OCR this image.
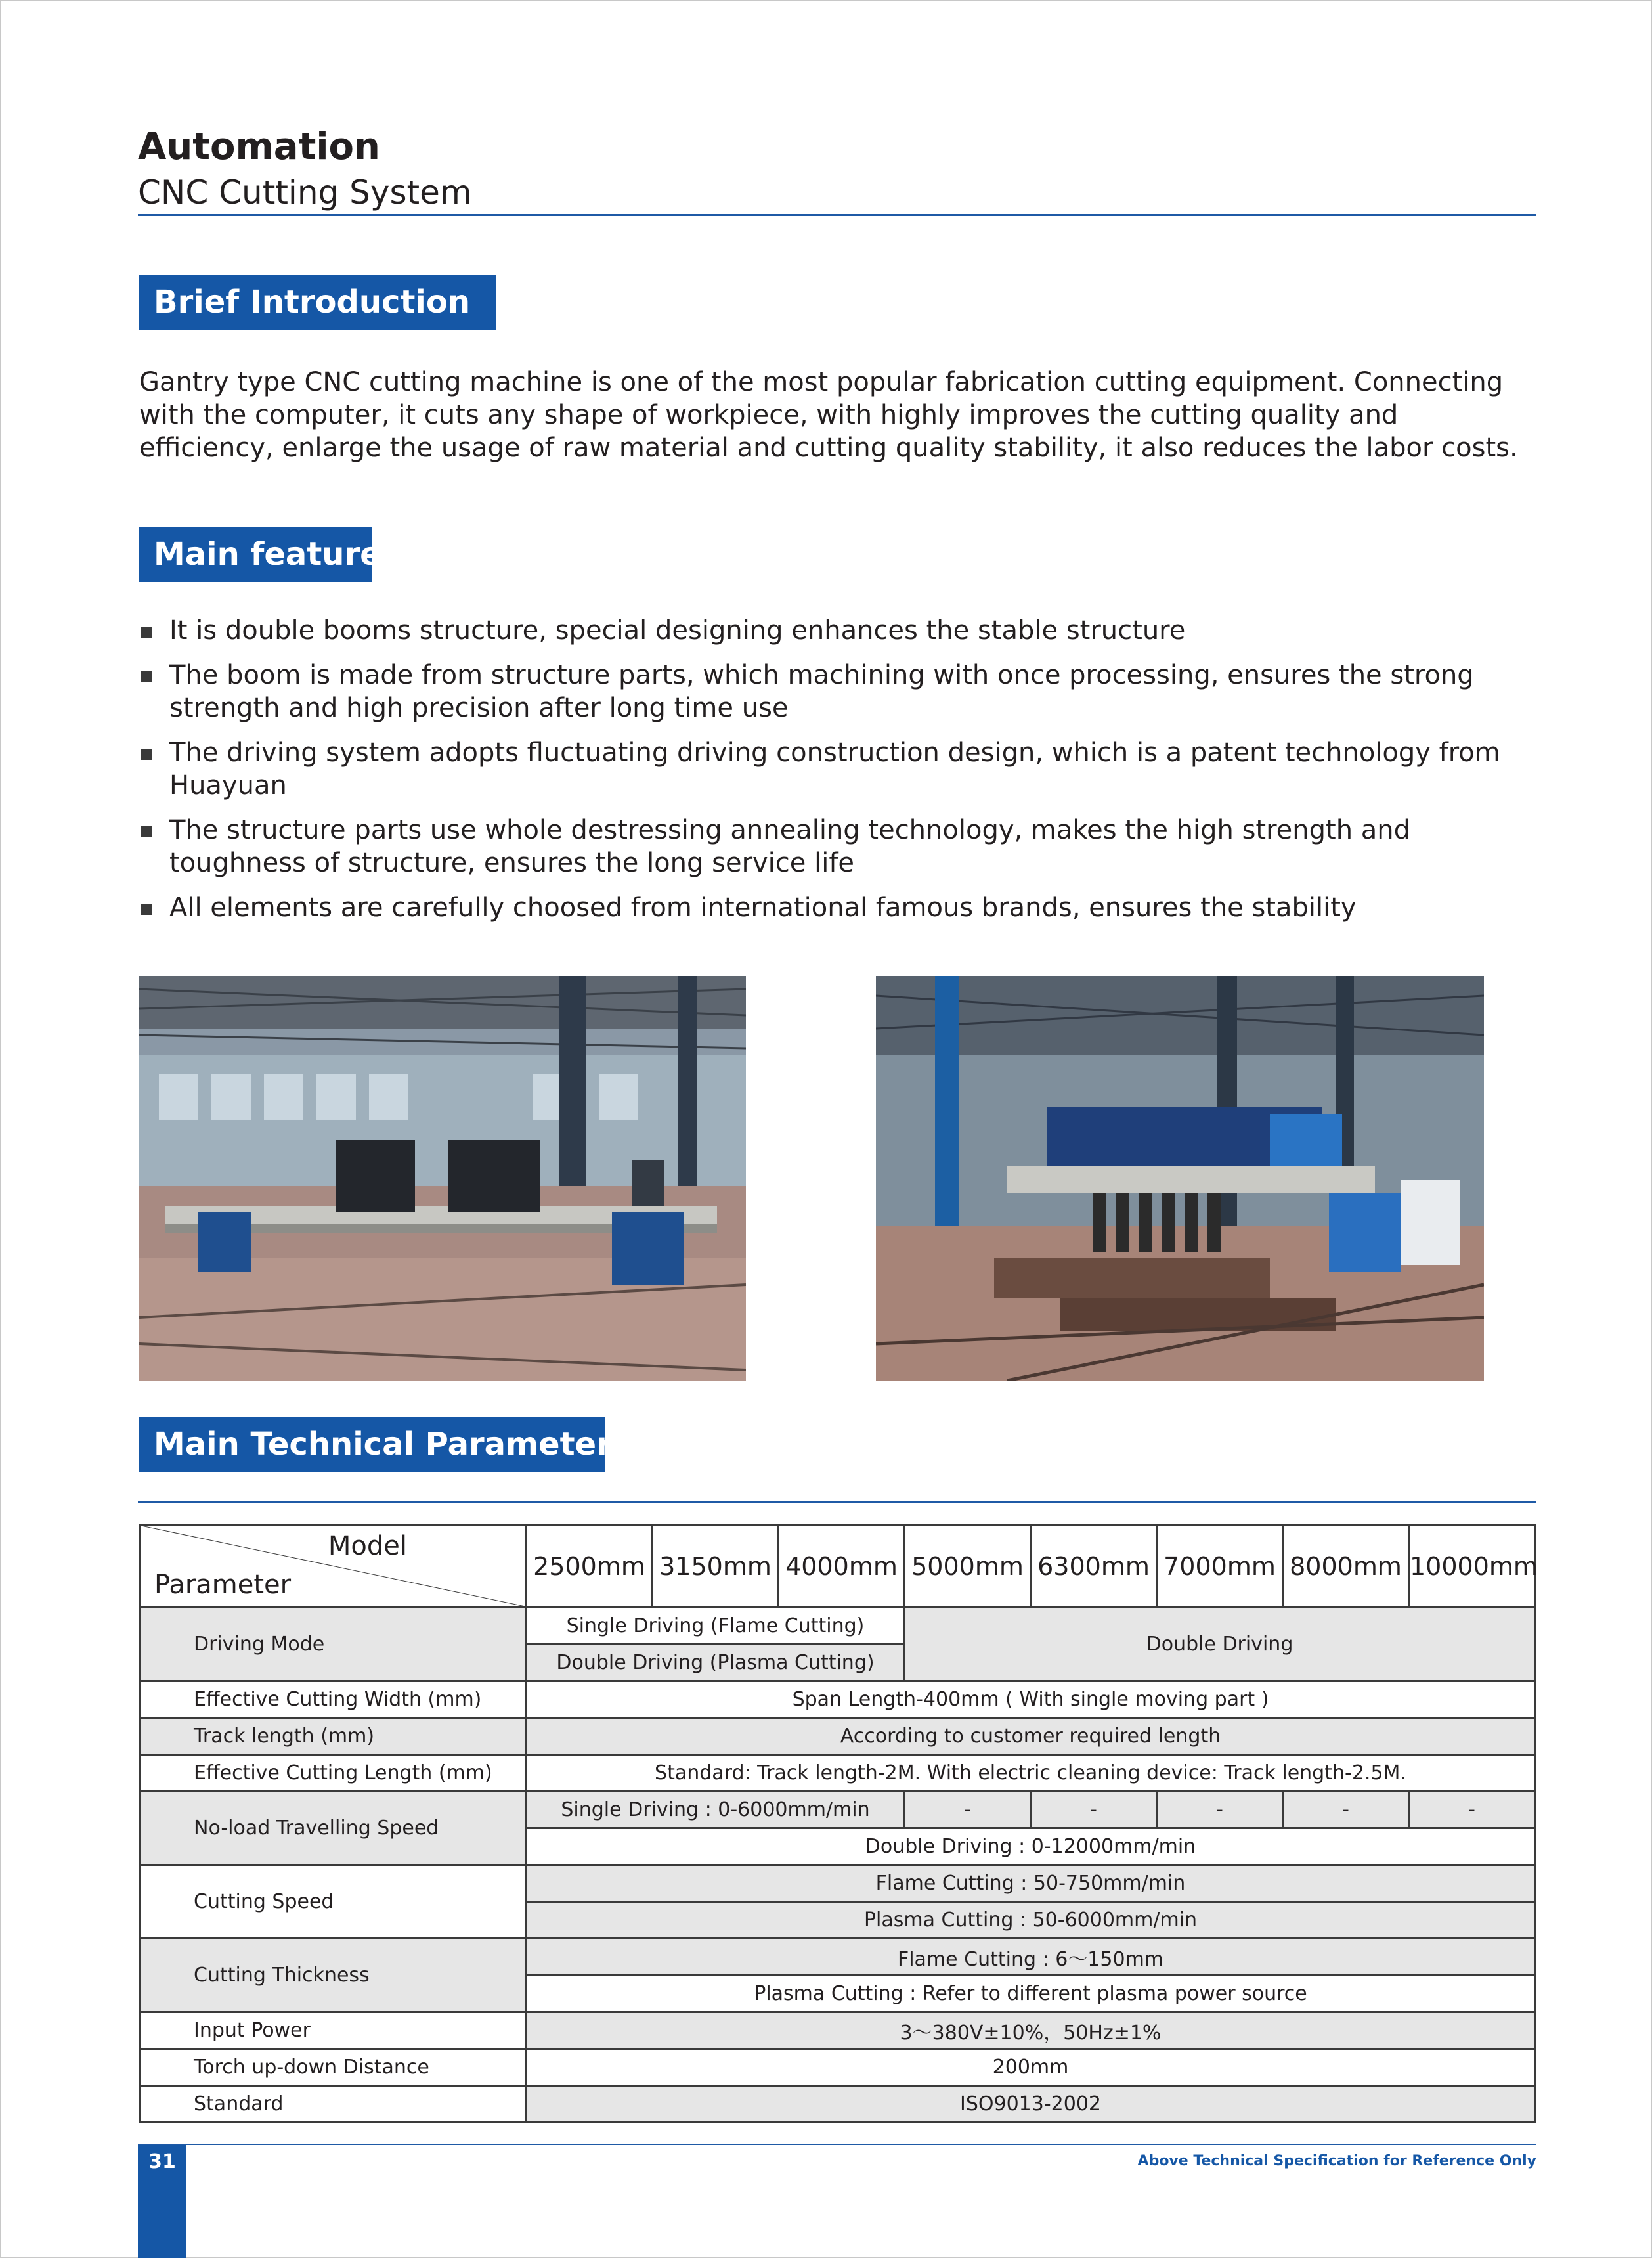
Automation
CNC Cutting System
Brief Introduction

Gantry type CNC cutting machine is one of the most popular fabrication cutting equipment. Connecting with the computer, it cuts any shape of workpiece, with highly improves the cutting quality and efficiency, enlarge the usage of raw material and cutting quality stability, it also reduces the labor costs.

Main features
It is double booms structure, special designing enhances the stable structure
The boom is made from structure parts, which machining with once processing, ensures the strong strength and high precision after long time use
The driving system adopts fluctuating driving construction design, which is a patent technology from Huayuan
The structure parts use whole destressing annealing technology, makes the high strength and toughness of structure, ensures the long service life
All elements are carefully choosed from international famous brands, ensures the stability
Main Technical Parameters
Model
Parameter	2500mm	3150mm	4000mm	5000mm	6300mm	7000mm	8000mm	10000mm
Driving Mode	Single Driving (Flame Cutting)			Double Driving				
	Double Driving (Plasma Cutting)							
Effective Cutting Width (mm)	Span Length-400mm ( With single moving part )							
Track length (mm)	According to customer required length							
Effective Cutting Length (mm)	Standard: Track length-2M. With electric cleaning device: Track length-2.5M.							
No-load Travelling Speed	Single Driving : 0-6000mm/min			-	-	-	-	-
	Double Driving : 0-12000mm/min							
Cutting Speed	Flame Cutting : 50-750mm/min							
	Plasma Cutting : 50-6000mm/min							
Cutting Thickness	Flame Cutting : 6～150mm							
	Plasma Cutting : Refer to different plasma power source							
Input Power	3～380V±10%，50Hz±1%							
Torch up-down Distance	200mm							
Standard	ISO9013-2002							
31	Above Technical Specification for Reference Only
